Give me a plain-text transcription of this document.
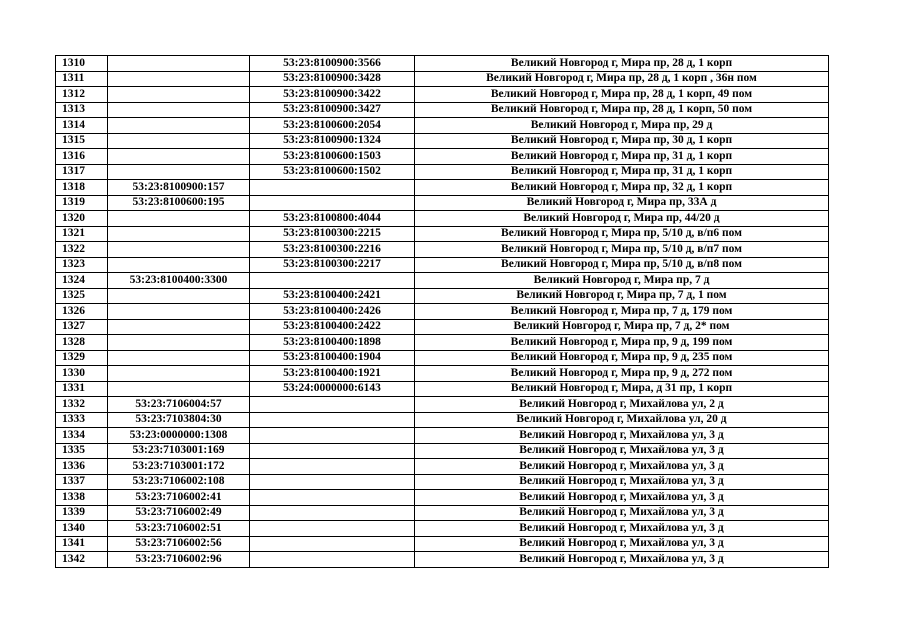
1310		53:23:8100900:3566	Великий Новгород г, Мира пр, 28 д, 1 корп
1311		53:23:8100900:3428	Великий Новгород г, Мира пр, 28 д, 1 корп , 36н пом
1312		53:23:8100900:3422	Великий Новгород г, Мира пр, 28 д, 1 корп, 49 пом
1313		53:23:8100900:3427	Великий Новгород г, Мира пр, 28 д, 1 корп, 50 пом
1314		53:23:8100600:2054	Великий Новгород г, Мира пр, 29 д
1315		53:23:8100900:1324	Великий Новгород г, Мира пр, 30 д, 1 корп
1316		53:23:8100600:1503	Великий Новгород г, Мира пр, 31 д, 1 корп
1317		53:23:8100600:1502	Великий Новгород г, Мира пр, 31 д, 1 корп
1318	53:23:8100900:157		Великий Новгород г, Мира пр, 32 д, 1 корп
1319	53:23:8100600:195		Великий Новгород г, Мира пр, 33А д
1320		53:23:8100800:4044	Великий Новгород г, Мира пр, 44/20 д
1321		53:23:8100300:2215	Великий Новгород г, Мира пр, 5/10 д, в/п6 пом
1322		53:23:8100300:2216	Великий Новгород г, Мира пр, 5/10 д, в/п7 пом
1323		53:23:8100300:2217	Великий Новгород г, Мира пр, 5/10 д, в/п8 пом
1324	53:23:8100400:3300		Великий Новгород г, Мира пр, 7 д
1325		53:23:8100400:2421	Великий Новгород г, Мира пр, 7 д, 1 пом
1326		53:23:8100400:2426	Великий Новгород г, Мира пр, 7 д, 179 пом
1327		53:23:8100400:2422	Великий Новгород г, Мира пр, 7 д, 2* пом
1328		53:23:8100400:1898	Великий Новгород г, Мира пр, 9 д, 199 пом
1329		53:23:8100400:1904	Великий Новгород г, Мира пр, 9 д, 235 пом
1330		53:23:8100400:1921	Великий Новгород г, Мира пр, 9 д, 272 пом
1331		53:24:0000000:6143	Великий Новгород г, Мира, д 31 пр, 1 корп
1332	53:23:7106004:57		Великий Новгород г, Михайлова ул, 2 д
1333	53:23:7103804:30		Великий Новгород г, Михайлова ул, 20 д
1334	53:23:0000000:1308		Великий Новгород г, Михайлова ул, 3 д
1335	53:23:7103001:169		Великий Новгород г, Михайлова ул, 3 д
1336	53:23:7103001:172		Великий Новгород г, Михайлова ул, 3 д
1337	53:23:7106002:108		Великий Новгород г, Михайлова ул, 3 д
1338	53:23:7106002:41		Великий Новгород г, Михайлова ул, 3 д
1339	53:23:7106002:49		Великий Новгород г, Михайлова ул, 3 д
1340	53:23:7106002:51		Великий Новгород г, Михайлова ул, 3 д
1341	53:23:7106002:56		Великий Новгород г, Михайлова ул, 3 д
1342	53:23:7106002:96		Великий Новгород г, Михайлова ул, 3 д
